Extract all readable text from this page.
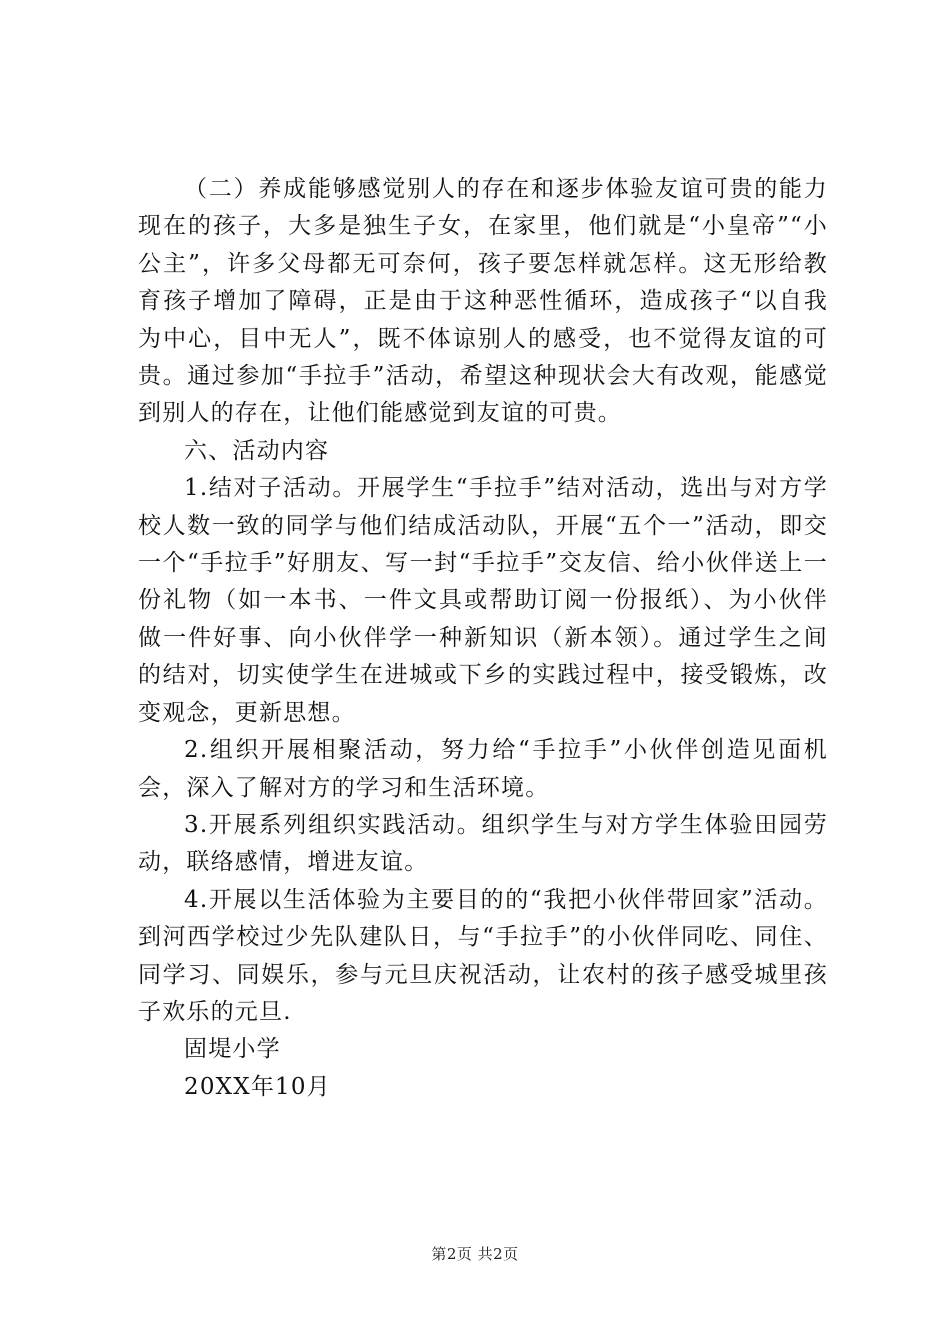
（二）养成能够感觉别人的存在和逐步体验友谊可贵的能力现在的孩子，大多是独生子女，在家里，他们就是“小皇帝”“小公主”，许多父母都无可奈何，孩子要怎样就怎样。这无形给教育孩子增加了障碍，正是由于这种恶性循环，造成孩子“以自我为中心，目中无人”，既不体谅别人的感受，也不觉得友谊的可贵。通过参加“手拉手”活动，希望这种现状会大有改观，能感觉到别人的存在，让他们能感觉到友谊的可贵。

六、活动内容

1.结对子活动。开展学生“手拉手”结对活动，选出与对方学校人数一致的同学与他们结成活动队，开展“五个一”活动，即交一个“手拉手”好朋友、写一封“手拉手”交友信、给小伙伴送上一份礼物（如一本书、一件文具或帮助订阅一份报纸）、为小伙伴做一件好事、向小伙伴学一种新知识（新本领）。通过学生之间的结对，切实使学生在进城或下乡的实践过程中，接受锻炼，改变观念，更新思想。

2.组织开展相聚活动，努力给“手拉手”小伙伴创造见面机会，深入了解对方的学习和生活环境。

3.开展系列组织实践活动。组织学生与对方学生体验田园劳动，联络感情，增进友谊。

4.开展以生活体验为主要目的的“我把小伙伴带回家”活动。到河西学校过少先队建队日，与“手拉手”的小伙伴同吃、同住、同学习、同娱乐，参与元旦庆祝活动，让农村的孩子感受城里孩子欢乐的元旦.

固堤小学

20XX年10月

第2页 共2页
